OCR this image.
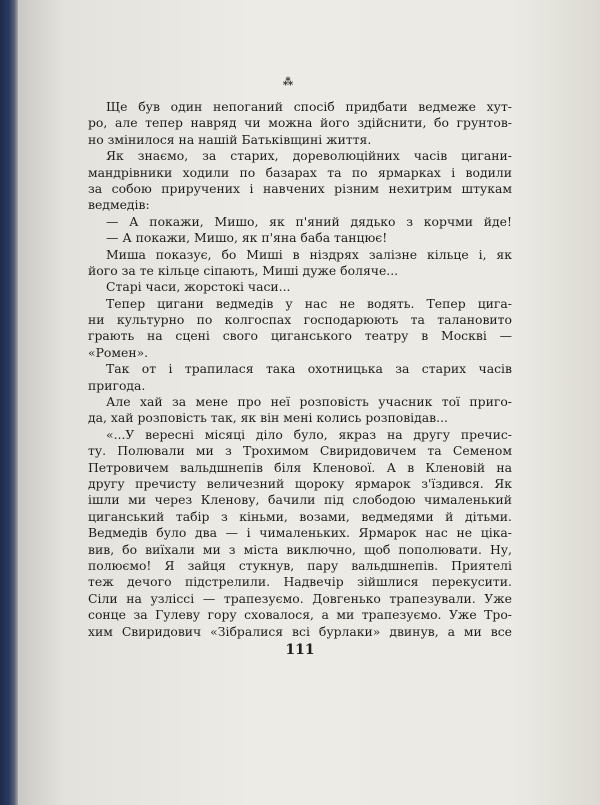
⁂
Ще був один непоганий спосіб придбати ведмеже хут-
ро, але тепер навряд чи можна його здійснити, бо грунтов-
но змінилося на нашій Батьківщині життя.
Як знаємо, за старих, дореволюційних часів цигани-
мандрівники ходили по базарах та по ярмарках і водили
за собою приручених і навчених різним нехитрим штукам
ведмедів:
— А покажи, Мишо, як п'яний дядько з корчми йде!
— А покажи, Мишо, як п'яна баба танцює!
Миша показує, бо Миші в ніздрях залізне кільце і, як
його за те кільце сіпають, Миші дуже боляче...
Старі часи, жорстокі часи...
Тепер цигани ведмедів у нас не водять. Тепер цига-
ни культурно по колгоспах господарюють та талановито
грають на сцені свого циганського театру в Москві —
«Ромен».
Так от і трапилася така охотницька за старих часів
пригода.
Але хай за мене про неї розповість учасник тої приго-
да, хай розповість так, як він мені колись розповідав...
«...У вересні місяці діло було, якраз на другу пречис-
ту. Полювали ми з Трохимом Свиридовичем та Семеном
Петровичем вальдшнепів біля Кленової. А в Кленовій на
другу пречисту величезний щороку ярмарок з'їздився. Як
ішли ми через Кленову, бачили під слободою чималенький
циганський табір з кіньми, возами, ведмедями й дітьми.
Ведмедів було два — і чималеньких. Ярмарок нас не ціка-
вив, бо виїхали ми з міста виключно, щоб пополювати. Ну,
полюємо! Я зайця стукнув, пару вальдшнепів. Приятелі
теж дечого підстрелили. Надвечір зійшлися перекусити.
Сіли на узліссі — трапезуємо. Довгенько трапезували. Уже
сонце за Гулеву гору сховалося, а ми трапезуємо. Уже Тро-
хим Свиридович «Зібралися всі бурлаки» двинув, а ми все
111
